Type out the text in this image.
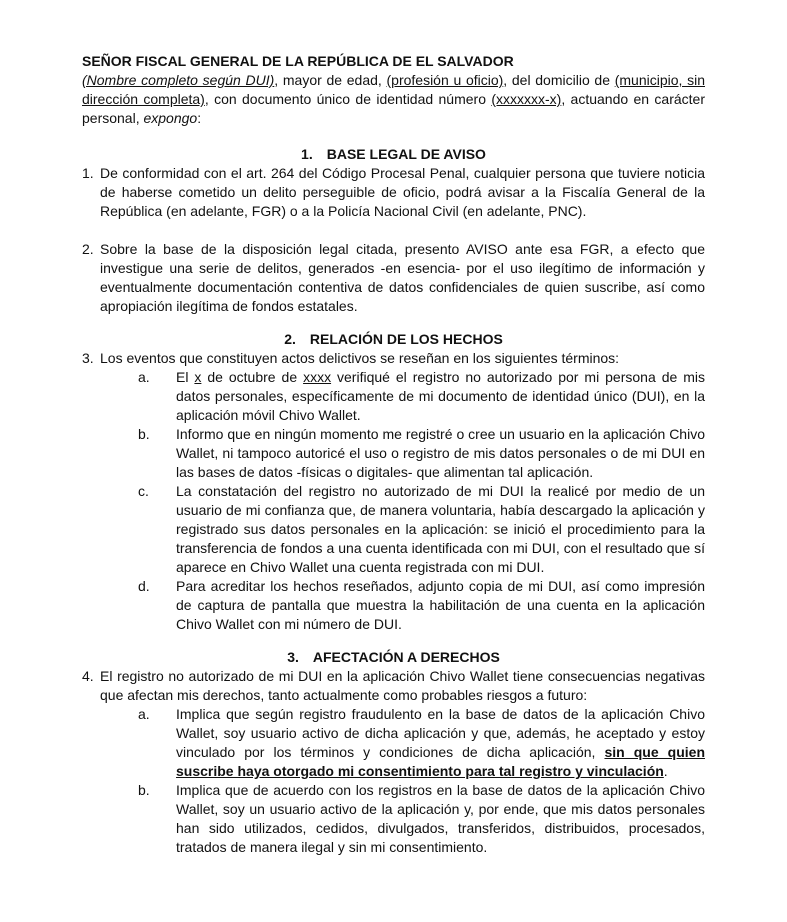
SEÑOR FISCAL GENERAL DE LA REPÚBLICA DE EL SALVADOR
(Nombre completo según DUI), mayor de edad, (profesión u oficio), del domicilio de (municipio, sin dirección completa), con documento único de identidad número (xxxxxxx-x), actuando en carácter personal, expongo:
1. BASE LEGAL DE AVISO
1. De conformidad con el art. 264 del Código Procesal Penal, cualquier persona que tuviere noticia de haberse cometido un delito perseguible de oficio, podrá avisar a la Fiscalía General de la República (en adelante, FGR) o a la Policía Nacional Civil (en adelante, PNC).
2. Sobre la base de la disposición legal citada, presento AVISO ante esa FGR, a efecto que investigue una serie de delitos, generados -en esencia- por el uso ilegítimo de información y eventualmente documentación contentiva de datos confidenciales de quien suscribe, así como apropiación ilegítima de fondos estatales.
2. RELACIÓN DE LOS HECHOS
3. Los eventos que constituyen actos delictivos se reseñan en los siguientes términos:
a. El x de octubre de xxxx verifiqué el registro no autorizado por mi persona de mis datos personales, específicamente de mi documento de identidad único (DUI), en la aplicación móvil Chivo Wallet.
b. Informo que en ningún momento me registré o cree un usuario en la aplicación Chivo Wallet, ni tampoco autoricé el uso o registro de mis datos personales o de mi DUI en las bases de datos -físicas o digitales- que alimentan tal aplicación.
c. La constatación del registro no autorizado de mi DUI la realicé por medio de un usuario de mi confianza que, de manera voluntaria, había descargado la aplicación y registrado sus datos personales en la aplicación: se inició el procedimiento para la transferencia de fondos a una cuenta identificada con mi DUI, con el resultado que sí aparece en Chivo Wallet una cuenta registrada con mi DUI.
d. Para acreditar los hechos reseñados, adjunto copia de mi DUI, así como impresión de captura de pantalla que muestra la habilitación de una cuenta en la aplicación Chivo Wallet con mi número de DUI.
3. AFECTACIÓN A DERECHOS
4. El registro no autorizado de mi DUI en la aplicación Chivo Wallet tiene consecuencias negativas que afectan mis derechos, tanto actualmente como probables riesgos a futuro:
a. Implica que según registro fraudulento en la base de datos de la aplicación Chivo Wallet, soy usuario activo de dicha aplicación y que, además, he aceptado y estoy vinculado por los términos y condiciones de dicha aplicación, sin que quien suscribe haya otorgado mi consentimiento para tal registro y vinculación.
b. Implica que de acuerdo con los registros en la base de datos de la aplicación Chivo Wallet, soy un usuario activo de la aplicación y, por ende, que mis datos personales han sido utilizados, cedidos, divulgados, transferidos, distribuidos, procesados, tratados de manera ilegal y sin mi consentimiento.
